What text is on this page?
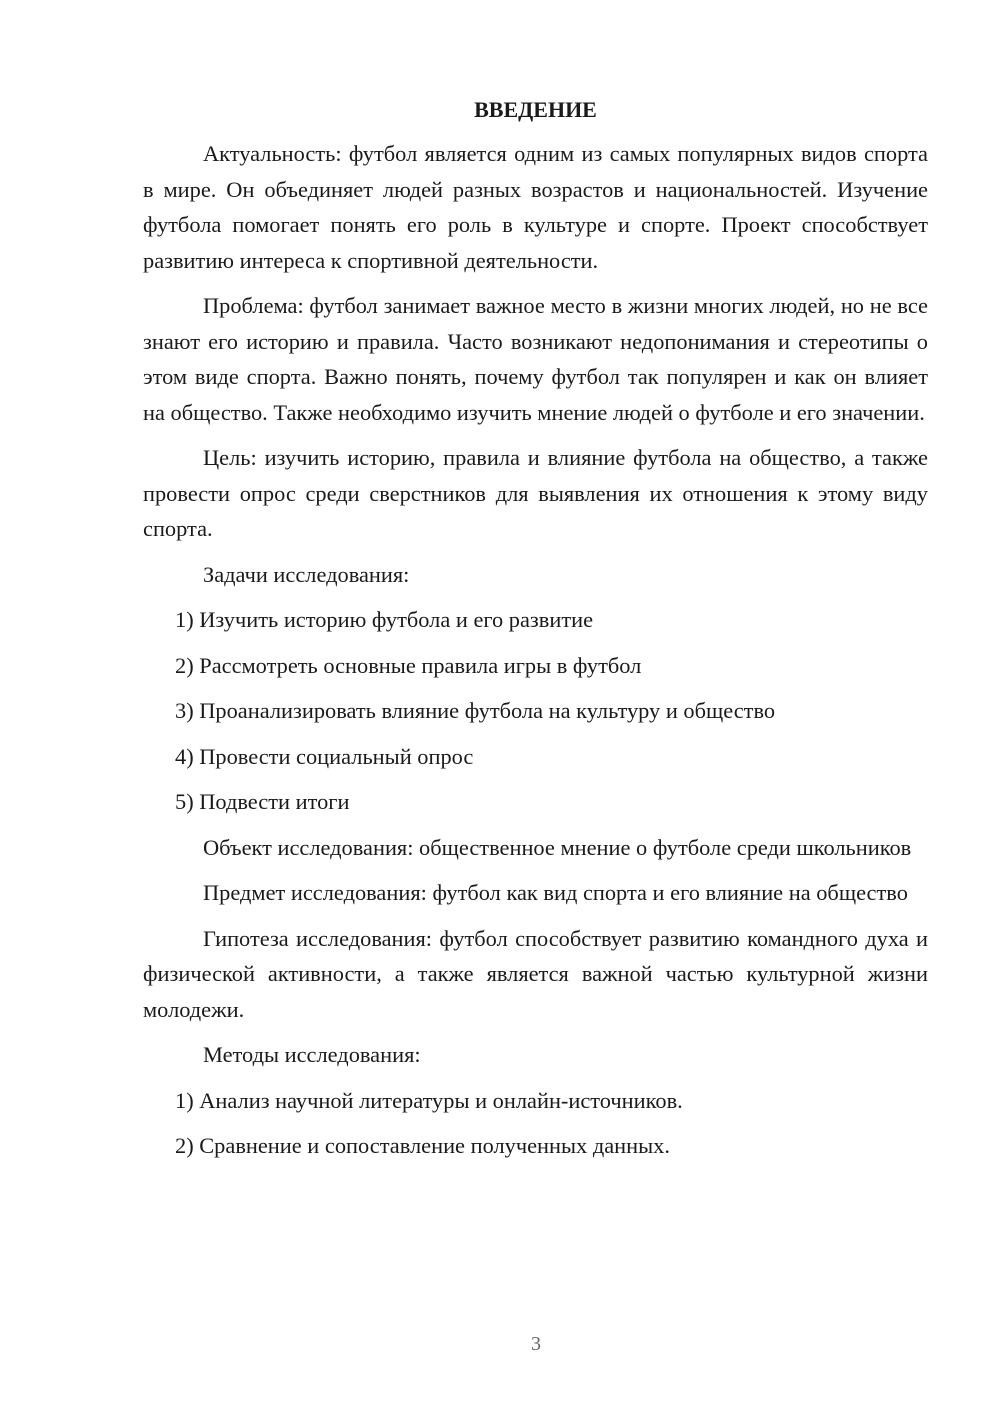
ВВЕДЕНИЕ

Актуальность: футбол является одним из самых популярных видов спорта в мире. Он объединяет людей разных возрастов и национальностей. Изучение футбола помогает понять его роль в культуре и спорте. Проект способствует развитию интереса к спортивной деятельности.

Проблема: футбол занимает важное место в жизни многих людей, но не все знают его историю и правила. Часто возникают недопонимания и стереотипы о этом виде спорта. Важно понять, почему футбол так популярен и как он влияет на общество. Также необходимо изучить мнение людей о футболе и его значении.

Цель: изучить историю, правила и влияние футбола на общество, а также провести опрос среди сверстников для выявления их отношения к этому виду спорта.

Задачи исследования:

1) Изучить историю футбола и его развитие

2) Рассмотреть основные правила игры в футбол

3) Проанализировать влияние футбола на культуру и общество

4) Провести социальный опрос

5) Подвести итоги

Объект исследования: общественное мнение о футболе среди школьников

Предмет исследования: футбол как вид спорта и его влияние на общество

Гипотеза исследования: футбол способствует развитию командного духа и физической активности, а также является важной частью культурной жизни молодежи.

Методы исследования:

1) Анализ научной литературы и онлайн-источников.

2) Сравнение и сопоставление полученных данных.

3
